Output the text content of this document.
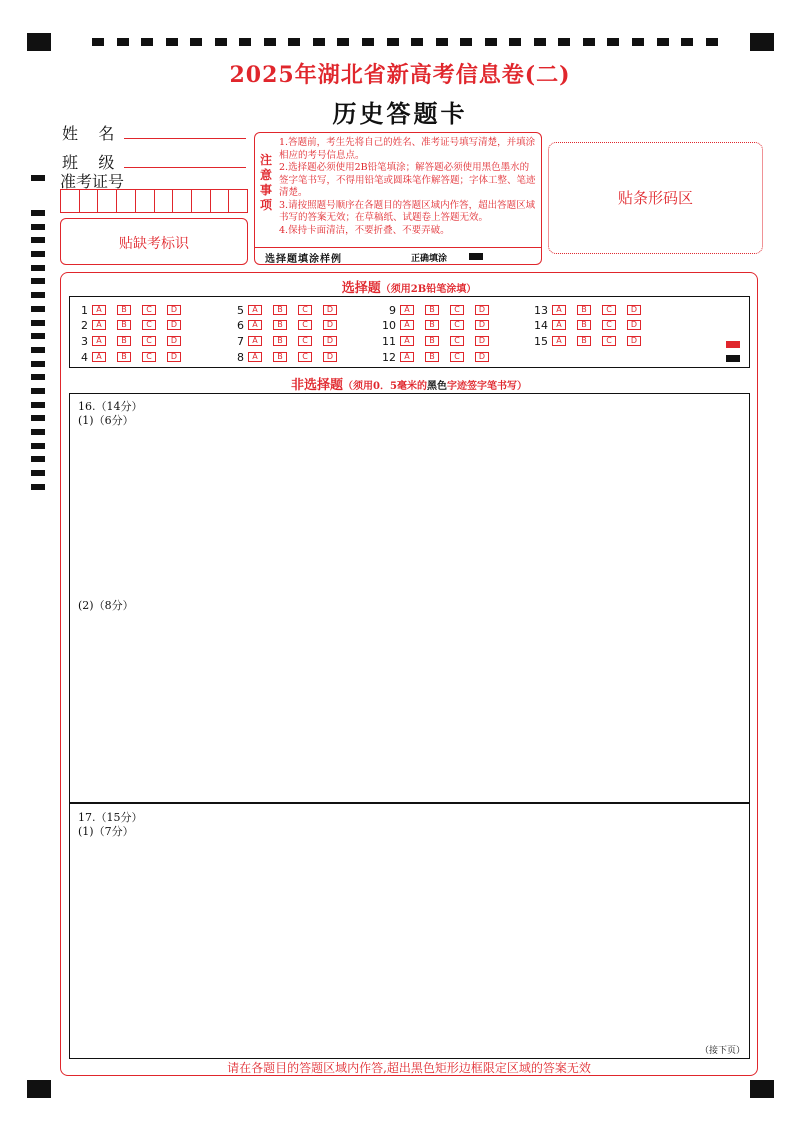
2025年湖北省新高考信息卷(二)
历史答题卡
姓    名
班    级
准考证号
贴缺考标识
注
意
事
项
1.答题前，考生先将自己的姓名、准考证号填写清楚，并填涂相应的考号信息点。
2.选择题必须使用2B铅笔填涂；解答题必须使用黑色墨水的签字笔书写，不得用铅笔或圆珠笔作解答题；字体工整、笔迹清楚。
3.请按照题号顺序在各题目的答题区域内作答，超出答题区域书写的答案无效；在草稿纸、试题卷上答题无效。
4.保持卡面清洁，不要折叠、不要弄破。
选择题填涂样例	正确填涂
贴条形码区
选择题（须用2B铅笔涂填）
1	A	B	C	D
2	A	B	C	D
3	A	B	C	D
4	A	B	C	D
5	A	B	C	D
6	A	B	C	D
7	A	B	C	D
8	A	B	C	D
9	A	B	C	D
10	A	B	C	D
11	A	B	C	D
12	A	B	C	D
13	A	B	C	D
14	A	B	C	D
15	A	B	C	D
非选择题（须用0．5毫米的黑色字迹签字笔书写）
16.（14分）
(1)（6分）
(2)（8分）
17.（15分）
(1)（7分）
（接下页）
请在各题目的答题区域内作答,超出黑色矩形边框限定区域的答案无效
